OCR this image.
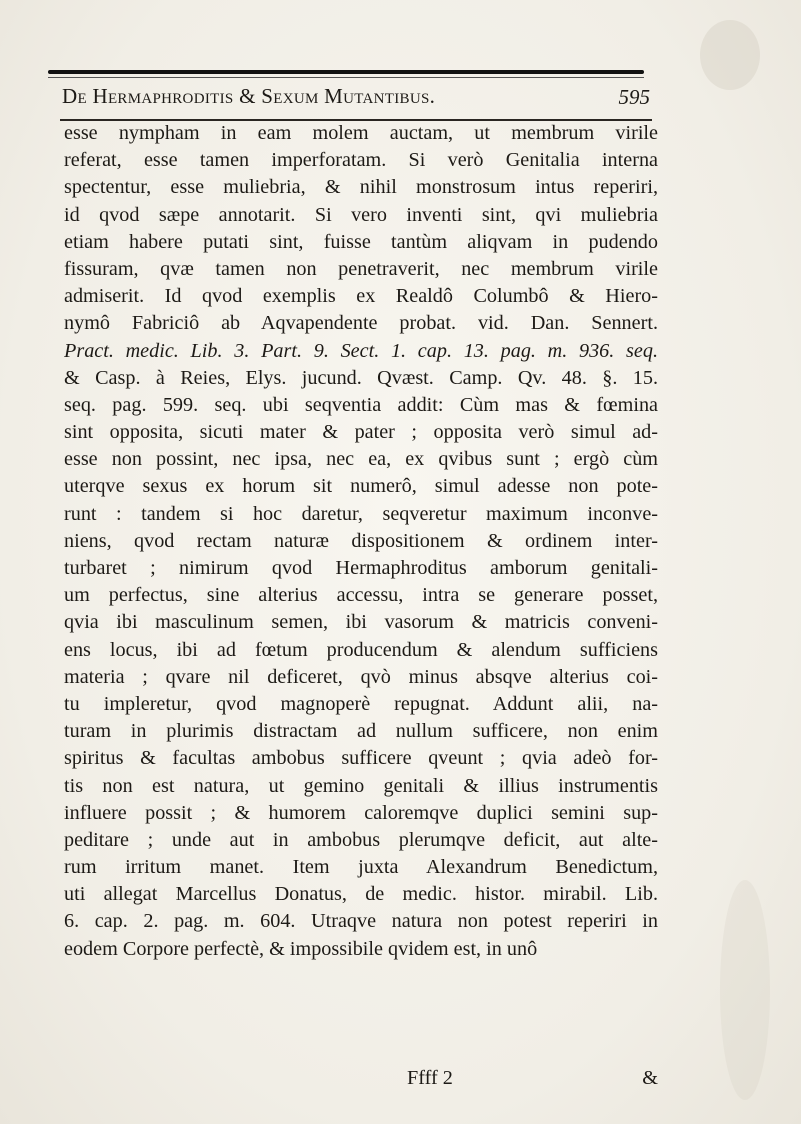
De Hermaphroditis & Sexum Mutantibus.	595
esse nympham in eam molem auctam, ut membrum virile
referat, esse tamen imperforatam. Si verò Genitalia interna
spectentur, esse muliebria, & nihil monstrosum intus reperiri,
id qvod sæpe annotarit. Si vero inventi sint, qvi muliebria
etiam habere putati sint, fuisse tantùm aliqvam in pudendo
fissuram, qvæ tamen non penetraverit, nec membrum virile
admiserit. Id qvod exemplis ex Realdô Columbô & Hiero-
nymô Fabriciô ab Aqvapendente probat. vid. Dan. Sennert.
Pract. medic. Lib. 3. Part. 9. Sect. 1. cap. 13. pag. m. 936. seq.
& Casp. à Reies, Elys. jucund. Qvæst. Camp. Qv. 48. §. 15.
seq. pag. 599. seq. ubi seqventia addit: Cùm mas & fœmina
sint oppositа, sicuti mater & pater ; opposita verò simul ad-
esse non possint, nec ipsa, nec ea, ex qvibus sunt ; ergò cùm
uterqve sexus ex horum sit numerô, simul adesse non pote-
runt : tandem si hoc daretur, seqveretur maximum inconve-
niens, qvod rectam naturæ dispositionem & ordinem inter-
turbaret ; nimirum qvod Hermaphroditus amborum genitali-
um perfectus, sine alterius accessu, intra se generare posset,
qvia ibi masculinum semen, ibi vasorum & matricis conveni-
ens locus, ibi ad fœtum producendum & alendum sufficiens
materia ; qvare nil deficeret, qvò minus absqve alterius coi-
tu impleretur, qvod magnoperè repugnat. Addunt alii, na-
turam in plurimis distractam ad nullum sufficere, non enim
spiritus & facultas ambobus sufficere qveunt ; qvia adeò for-
tis non est natura, ut gemino genitali & illius instrumentis
influere possit ; & humorem caloremqve duplici semini sup-
peditare ; unde aut in ambobus plerumqve deficit, aut alte-
rum irritum manet. Item juxta Alexandrum Benedictum,
uti allegat Marcellus Donatus, de medic. histor. mirabil. Lib.
6. cap. 2. pag. m. 604. Utraqve natura non potest reperiri in
eodem Corpore perfectè, & impossibile qvidem est, in unô
Ffff 2	&
